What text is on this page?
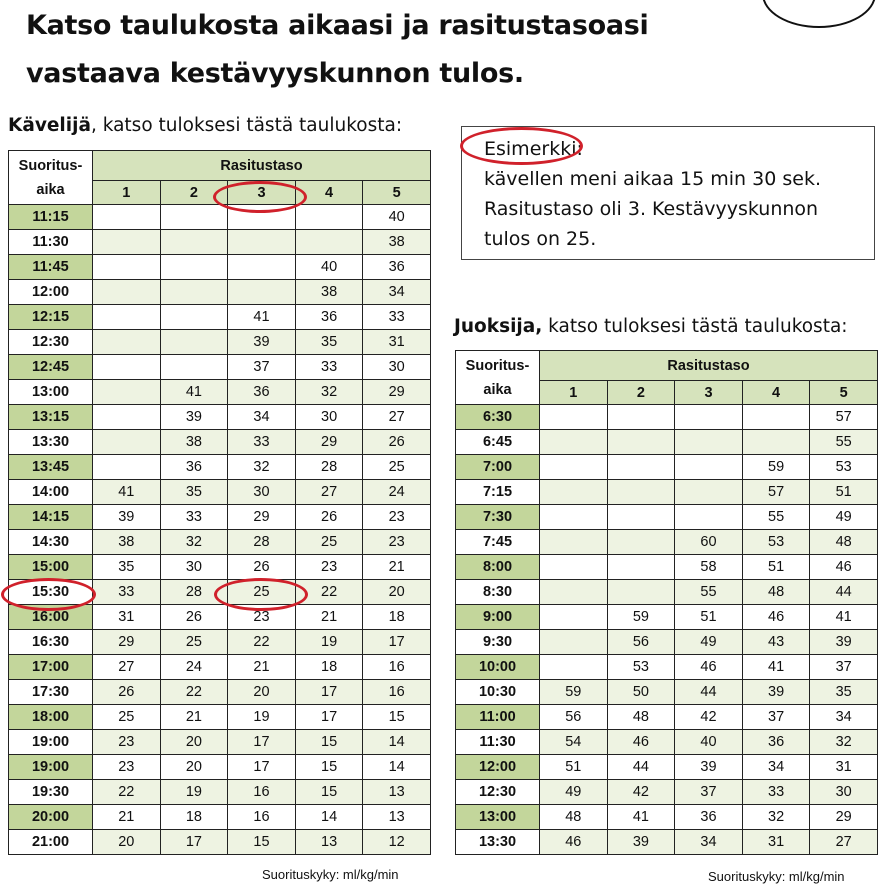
Katso taulukosta aikaasi ja rasitustasoasi
vastaava kestävyyskunnon tulos.
Kävelijä, katso tuloksesi tästä taulukosta:
Suoritus-
aika	Rasitustaso				
	1	2	3	4	5
11:15					40
11:30					38
11:45				40	36
12:00				38	34
12:15			41	36	33
12:30			39	35	31
12:45			37	33	30
13:00		41	36	32	29
13:15		39	34	30	27
13:30		38	33	29	26
13:45		36	32	28	25
14:00	41	35	30	27	24
14:15	39	33	29	26	23
14:30	38	32	28	25	23
15:00	35	30	26	23	21
15:30	33	28	25	22	20
16:00	31	26	23	21	18
16:30	29	25	22	19	17
17:00	27	24	21	18	16
17:30	26	22	20	17	16
18:00	25	21	19	17	15
19:00	23	20	17	15	14
19:00	23	20	17	15	14
19:30	22	19	16	15	13
20:00	21	18	16	14	13
21:00	20	17	15	13	12
Suorituskyky: ml/kg/min
Esimerkki:
kävellen meni aikaa 15 min 30 sek.
Rasitustaso oli 3. Kestävyyskunnon
tulos on 25.
Juoksija, katso tuloksesi tästä taulukosta:
Suoritus-
aika	Rasitustaso				
	1	2	3	4	5
6:30					57
6:45					55
7:00				59	53
7:15				57	51
7:30				55	49
7:45			60	53	48
8:00			58	51	46
8:30			55	48	44
9:00		59	51	46	41
9:30		56	49	43	39
10:00		53	46	41	37
10:30	59	50	44	39	35
11:00	56	48	42	37	34
11:30	54	46	40	36	32
12:00	51	44	39	34	31
12:30	49	42	37	33	30
13:00	48	41	36	32	29
13:30	46	39	34	31	27
Suorituskyky: ml/kg/min
